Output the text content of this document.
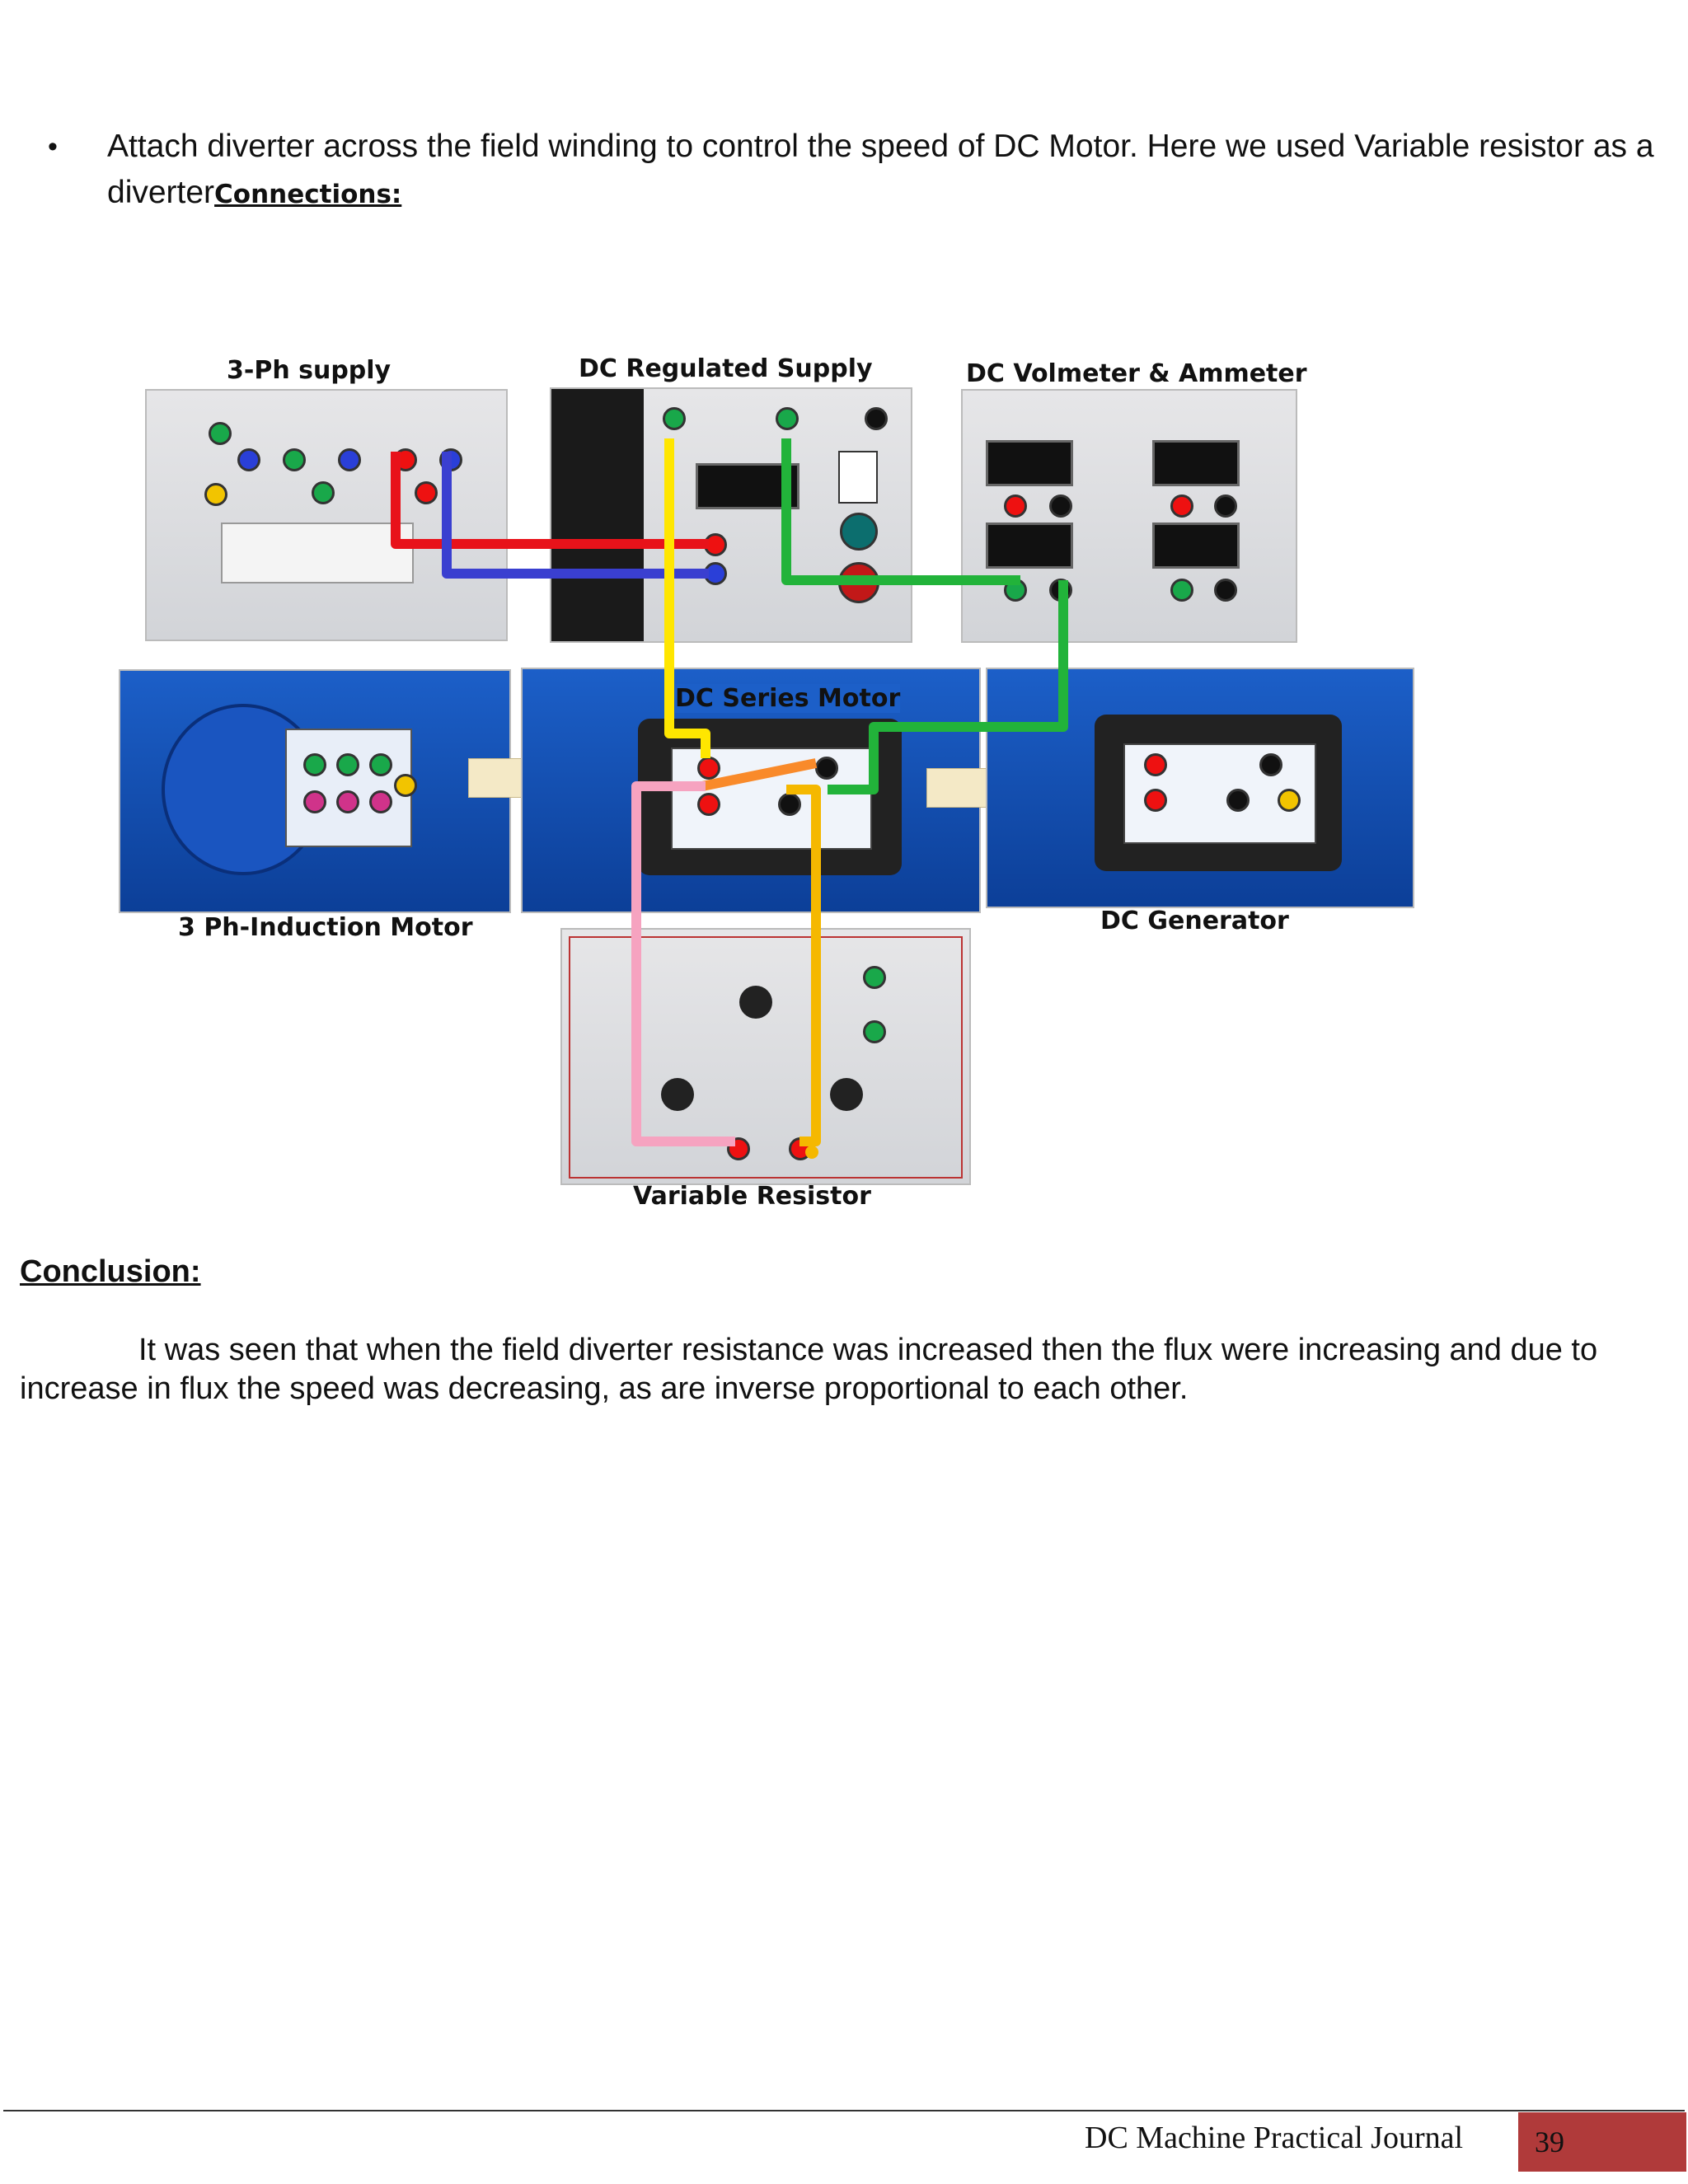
• Attach diverter across the field winding to control the speed of DC Motor. Here we used Variable resistor as a diverterConnections:
3-Ph supply	DC Regulated Supply	DC Volmeter & Ammeter
3 Ph-Induction Motor
DC Series Motor
DC Generator
Variable Resistor
Conclusion:
It was seen that when the field diverter resistance was increased then the flux were increasing and due to increase in flux the speed was decreasing, as are inverse proportional to each other.
DC Machine Practical Journal	39
